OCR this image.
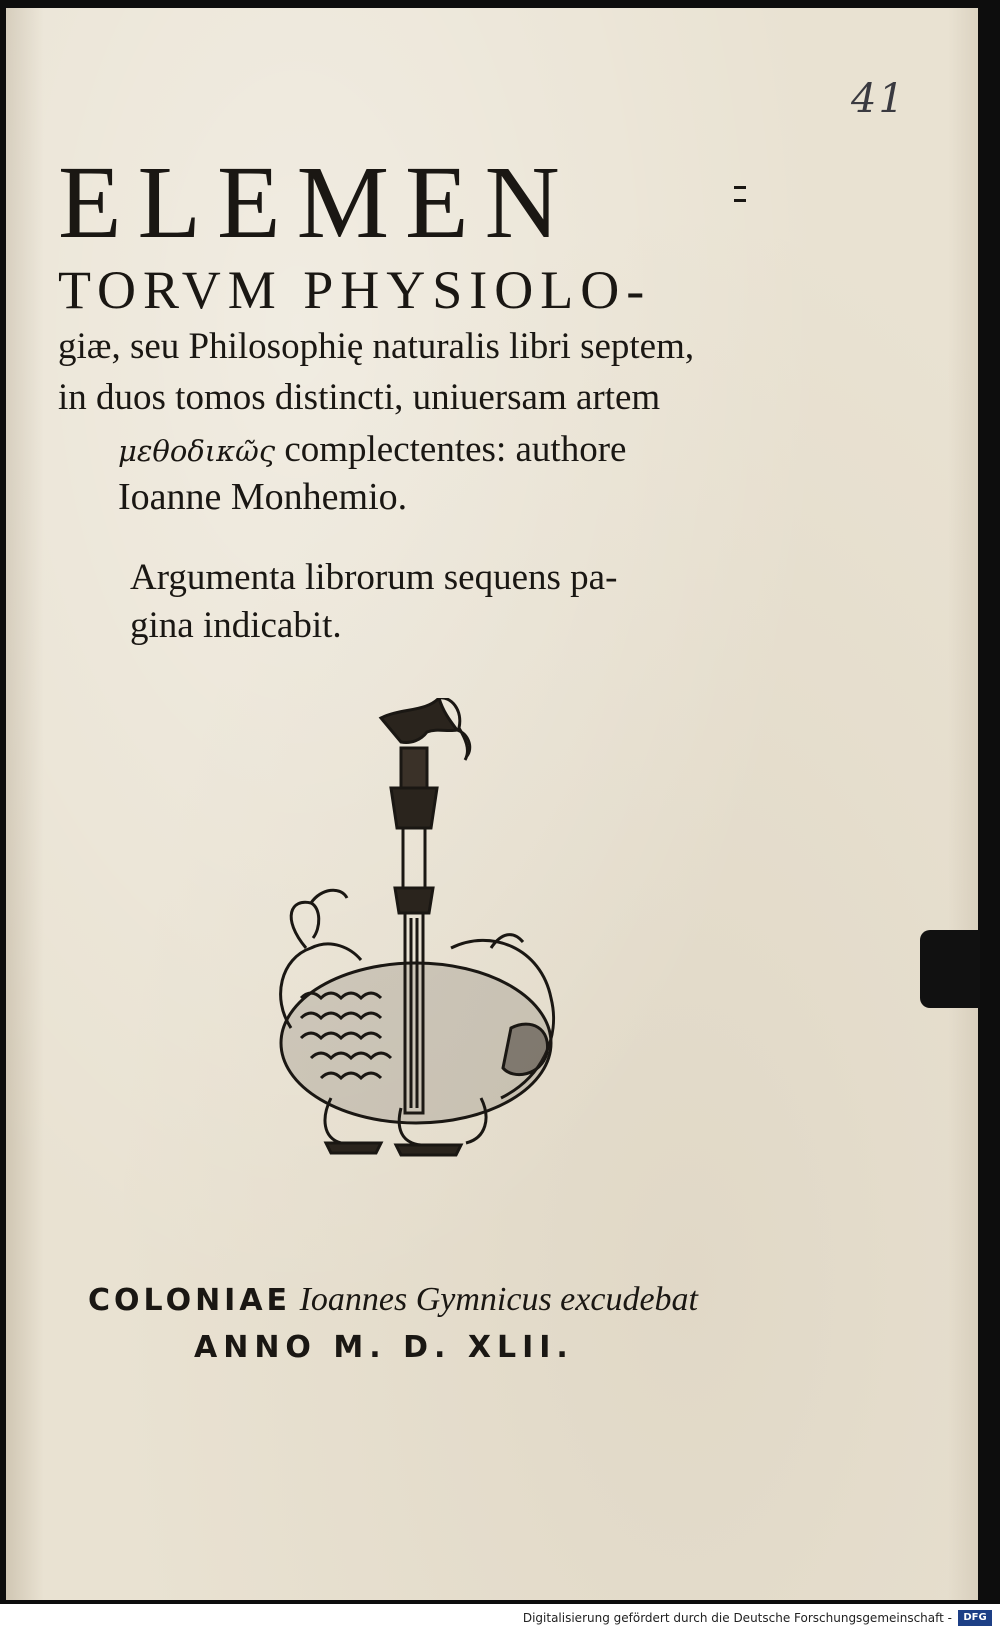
41
ELEMEN
TORVM PHYSIOLO-
giæ, seu Philosophię naturalis libri septem,
in duos tomos distincti, uniuersam artem
μεθοδικῶς complectentes: authore
Ioanne Monhemio.
Argumenta librorum sequens pa-
gina indicabit.
COLONIAE Ioannes Gymnicus excudebat
ANNO M. D. XLII.
Digitalisierung gefördert durch die Deutsche Forschungsgemeinschaft -	DFG
